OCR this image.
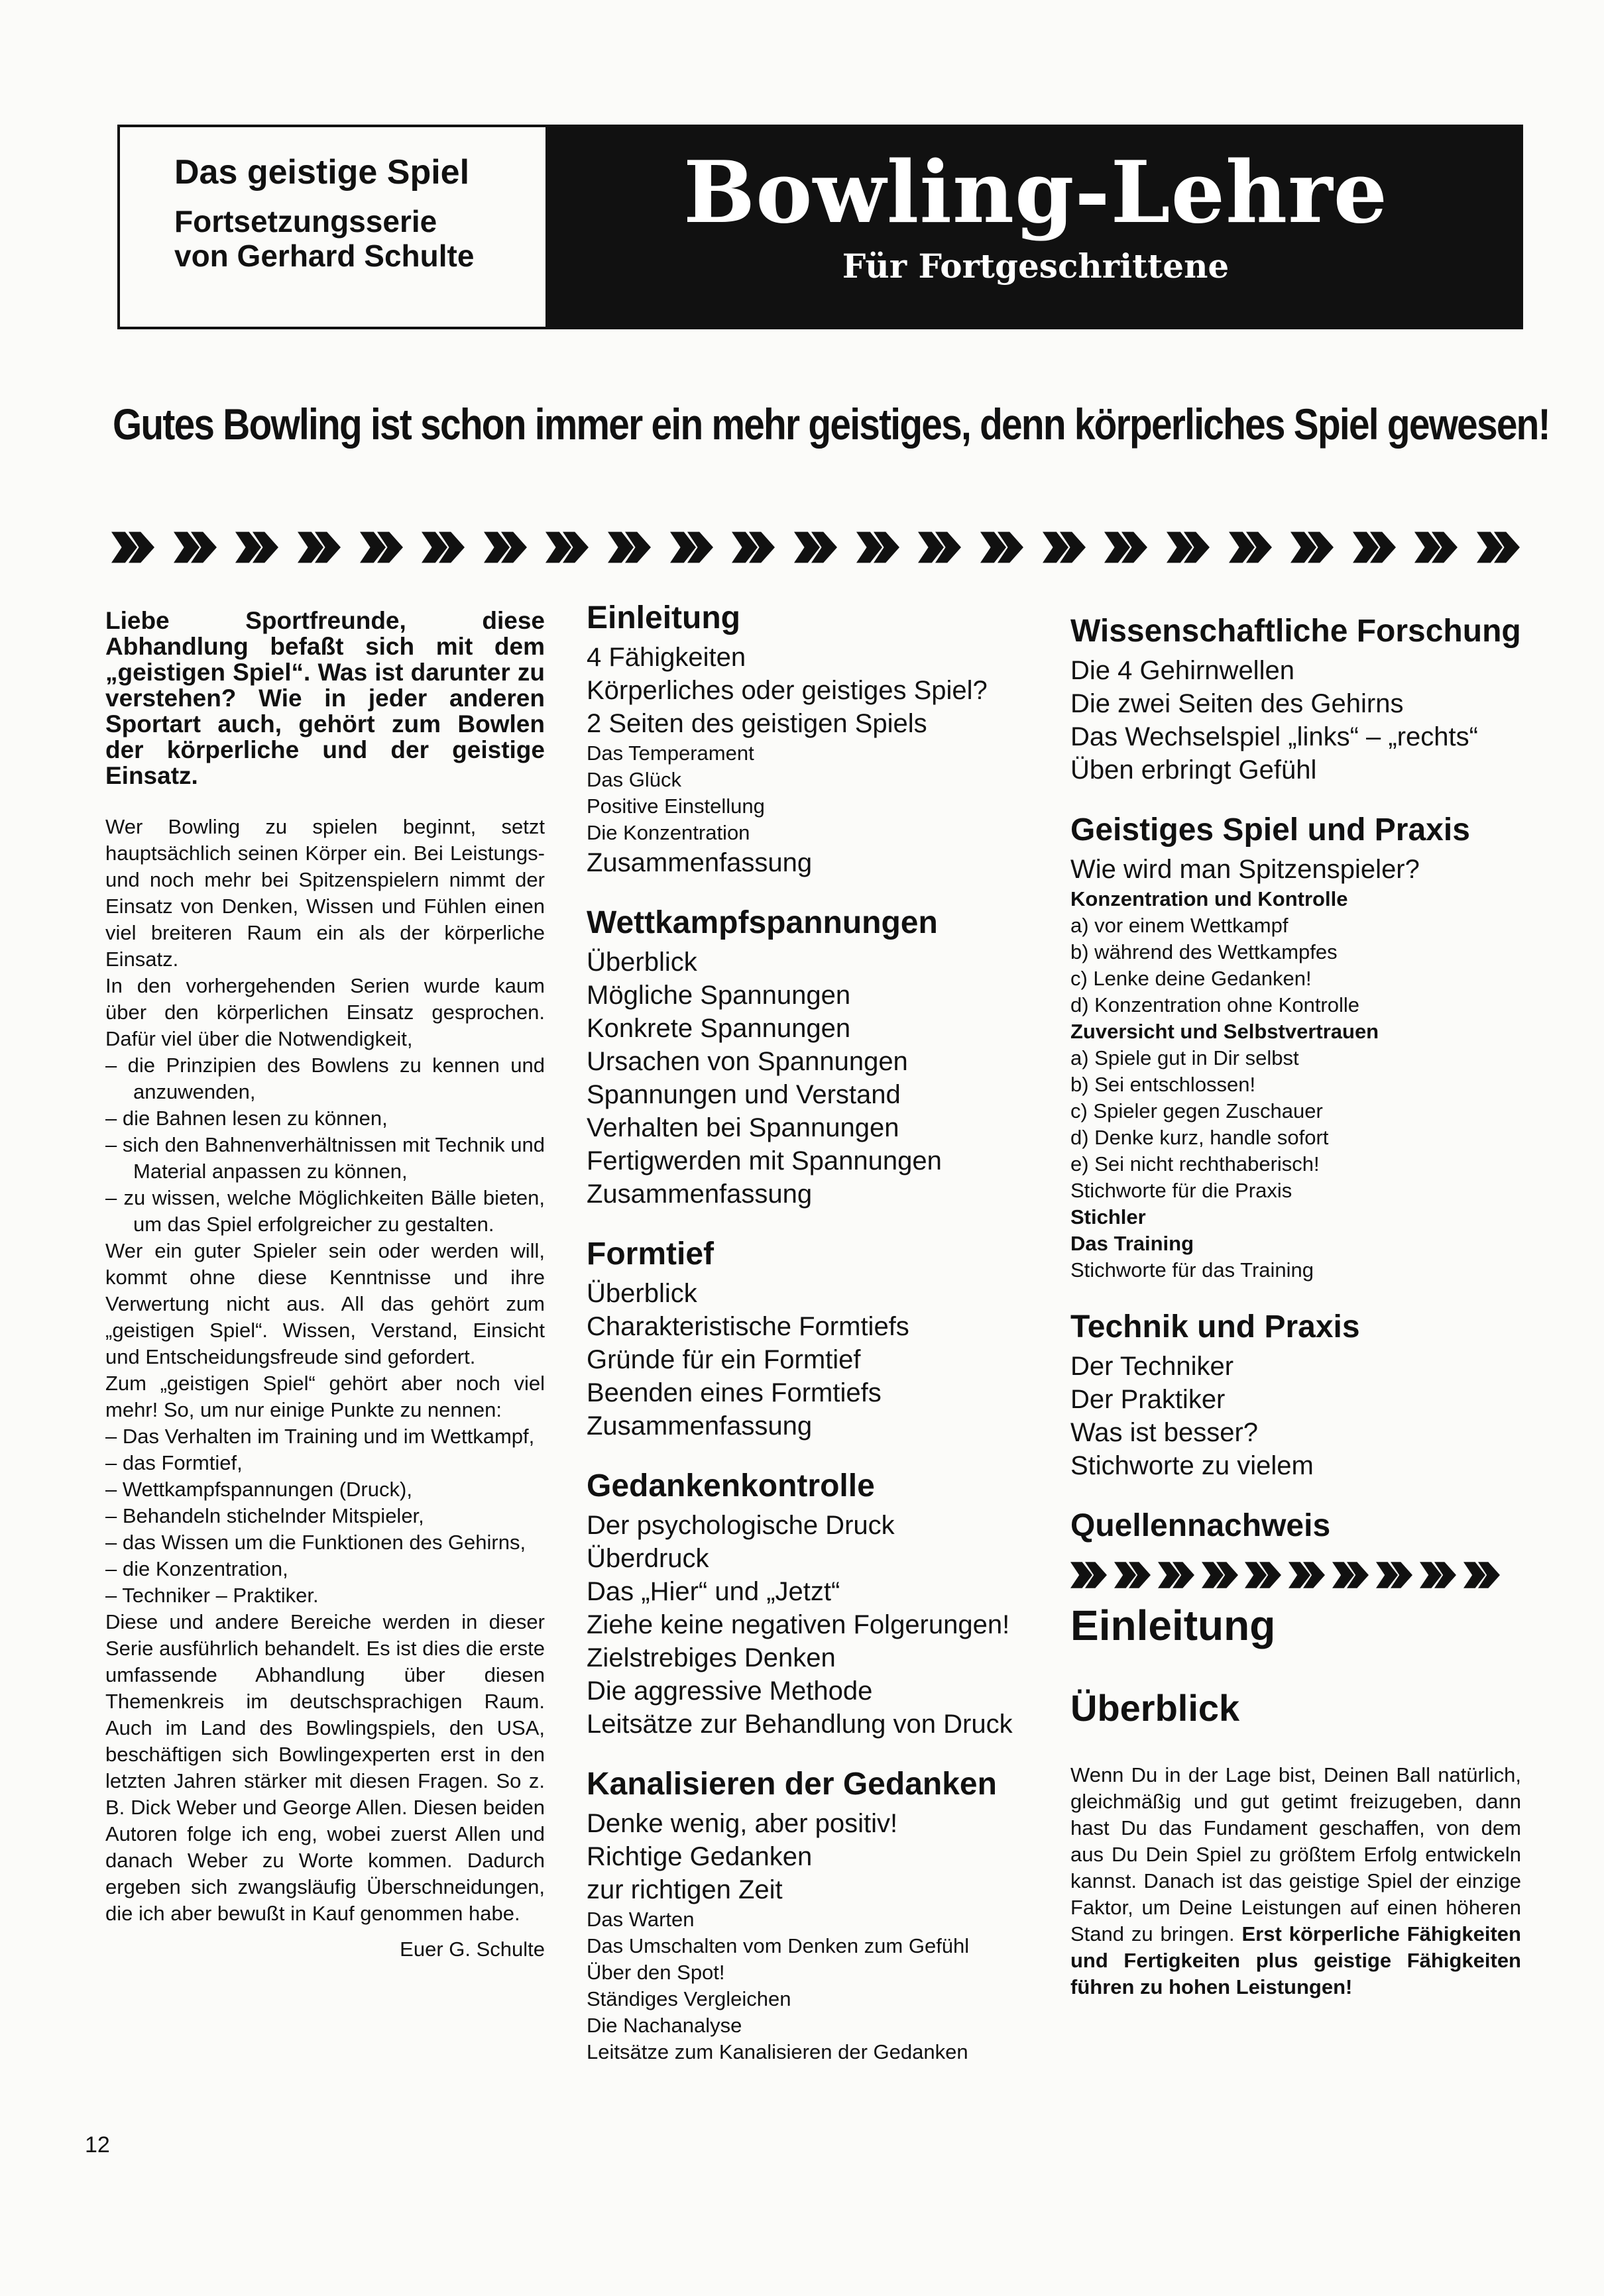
Das geistige Spiel
Fortsetzungsserie
von Gerhard Schulte
Bowling-Lehre
Für Fortgeschrittene
Gutes Bowling ist schon immer ein mehr geistiges, denn körperliches Spiel gewesen!
Liebe Sportfreunde, diese Abhandlung befaßt sich mit dem „geistigen Spiel“. Was ist darunter zu verstehen? Wie in jeder anderen Sportart auch, gehört zum Bowlen der körperliche und der geistige Einsatz.

Wer Bowling zu spielen beginnt, setzt hauptsächlich seinen Körper ein. Bei Leistungs- und noch mehr bei Spitzenspielern nimmt der Einsatz von Denken, Wissen und Fühlen einen viel breiteren Raum ein als der körperliche Einsatz.

In den vorhergehenden Serien wurde kaum über den körperlichen Einsatz gesprochen. Dafür viel über die Notwendigkeit,

– die Prinzipien des Bowlens zu kennen und anzuwenden,

– die Bahnen lesen zu können,

– sich den Bahnenverhältnissen mit Technik und Material anpassen zu können,

– zu wissen, welche Möglichkeiten Bälle bieten, um das Spiel erfolgreicher zu gestalten.

Wer ein guter Spieler sein oder werden will, kommt ohne diese Kenntnisse und ihre Verwertung nicht aus. All das gehört zum „geistigen Spiel“. Wissen, Verstand, Einsicht und Entscheidungsfreude sind gefordert.

Zum „geistigen Spiel“ gehört aber noch viel mehr! So, um nur einige Punkte zu nennen:

– Das Verhalten im Training und im Wettkampf,

– das Formtief,

– Wettkampfspannungen (Druck),

– Behandeln stichelnder Mitspieler,

– das Wissen um die Funktionen des Gehirns,

– die Konzentration,

– Techniker – Praktiker.

Diese und andere Bereiche werden in dieser Serie ausführlich behandelt. Es ist dies die erste umfassende Abhandlung über diesen Themenkreis im deutschsprachigen Raum. Auch im Land des Bowlingspiels, den USA, beschäftigen sich Bowlingexperten erst in den letzten Jahren stärker mit diesen Fragen. So z. B. Dick Weber und George Allen. Diesen beiden Autoren folge ich eng, wobei zuerst Allen und danach Weber zu Worte kommen. Dadurch ergeben sich zwangsläufig Überschneidungen, die ich aber bewußt in Kauf genommen habe.

Euer G. Schulte
Einleitung
4 Fähigkeiten
Körperliches oder geistiges Spiel?
2 Seiten des geistigen Spiels
Das Temperament
Das Glück
Positive Einstellung
Die Konzentration
Zusammenfassung
Wettkampfspannungen
Überblick
Mögliche Spannungen
Konkrete Spannungen
Ursachen von Spannungen
Spannungen und Verstand
Verhalten bei Spannungen
Fertigwerden mit Spannungen
Zusammenfassung
Formtief
Überblick
Charakteristische Formtiefs
Gründe für ein Formtief
Beenden eines Formtiefs
Zusammenfassung
Gedankenkontrolle
Der psychologische Druck
Überdruck
Das „Hier“ und „Jetzt“
Ziehe keine negativen Folgerungen!
Zielstrebiges Denken
Die aggressive Methode
Leitsätze zur Behandlung von Druck
Kanalisieren der Gedanken
Denke wenig, aber positiv!
Richtige Gedanken
zur richtigen Zeit
Das Warten
Das Umschalten vom Denken zum Gefühl
Über den Spot!
Ständiges Vergleichen
Die Nachanalyse
Leitsätze zum Kanalisieren der Gedanken
Wissenschaftliche Forschung
Die 4 Gehirnwellen
Die zwei Seiten des Gehirns
Das Wechselspiel „links“ – „rechts“
Üben erbringt Gefühl
Geistiges Spiel und Praxis
Wie wird man Spitzenspieler?
Konzentration und Kontrolle
a) vor einem Wettkampf
b) während des Wettkampfes
c) Lenke deine Gedanken!
d) Konzentration ohne Kontrolle
Zuversicht und Selbstvertrauen
a) Spiele gut in Dir selbst
b) Sei entschlossen!
c) Spieler gegen Zuschauer
d) Denke kurz, handle sofort
e) Sei nicht rechthaberisch!
Stichworte für die Praxis
Stichler
Das Training
Stichworte für das Training
Technik und Praxis
Der Techniker
Der Praktiker
Was ist besser?
Stichworte zu vielem
Quellennachweis
Einleitung
Überblick
Wenn Du in der Lage bist, Deinen Ball natürlich, gleichmäßig und gut getimt freizugeben, dann hast Du das Fundament geschaffen, von dem aus Du Dein Spiel zu größtem Erfolg entwickeln kannst. Danach ist das geistige Spiel der einzige Faktor, um Deine Leistungen auf einen höheren Stand zu bringen. Erst körperliche Fähigkeiten und Fertigkeiten plus geistige Fähigkeiten führen zu hohen Leistungen!
12
